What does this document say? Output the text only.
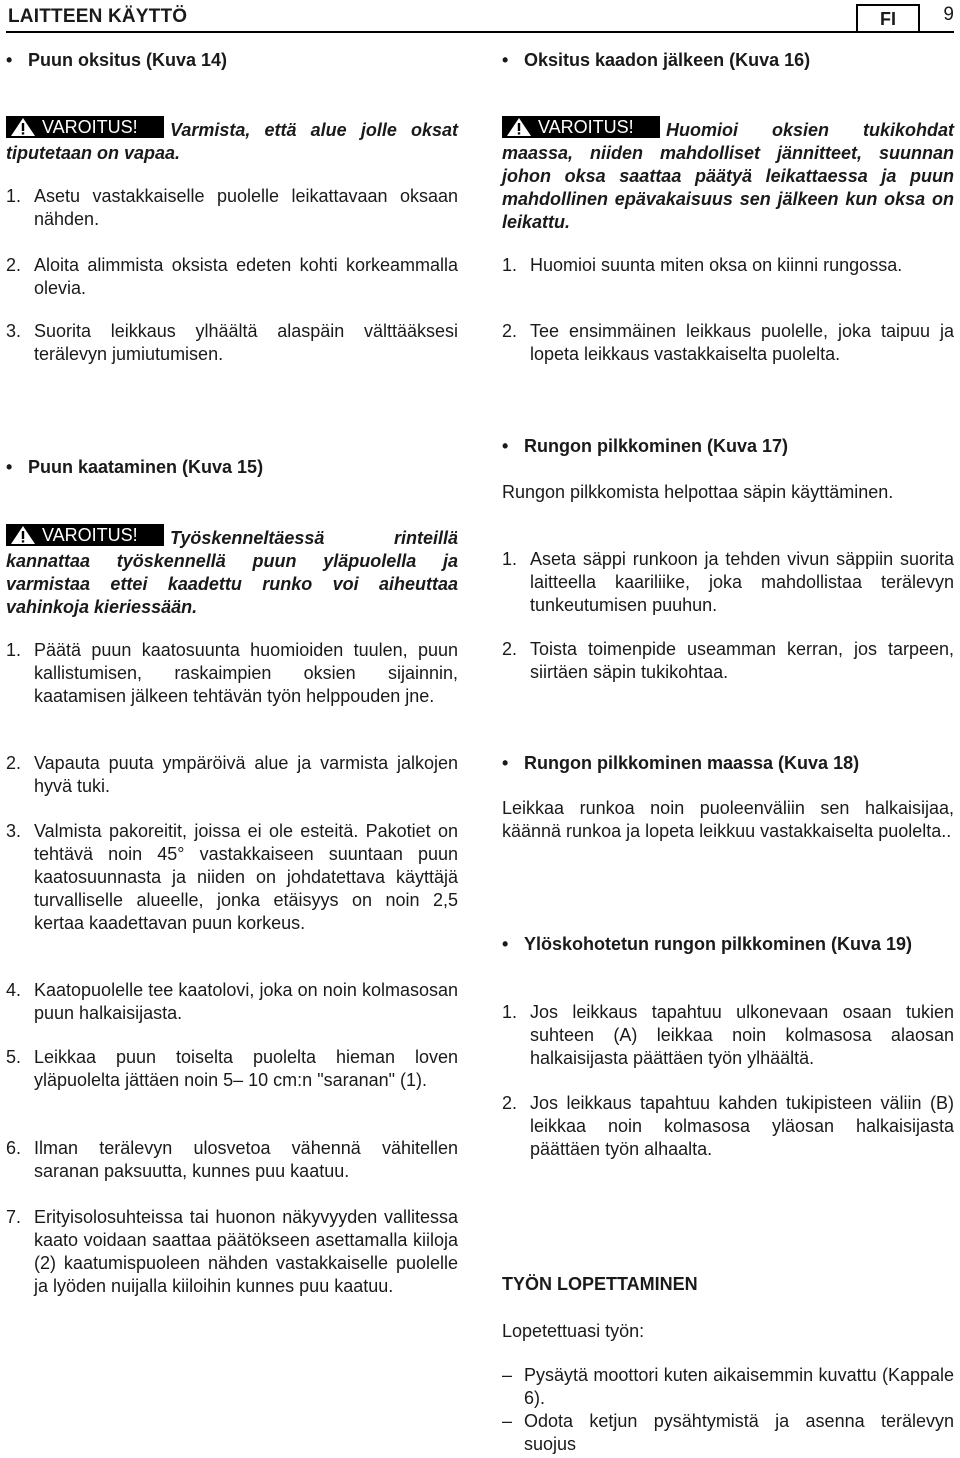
LAITTEEN KÄYTTÖ	FI	9
• Puun oksitus (Kuva 14)

VAROITUS! Varmista, että alue jolle oksat tiputetaan on vapaa.

1. Asetu vastakkaiselle puolelle leikattavaan oksaan nähden.
2. Aloita alimmista oksista edeten kohti korkeammalla olevia.
3. Suorita leikkaus ylhäältä alaspäin välttääksesi terälevyn jumiutumisen.
• Puun kaataminen (Kuva 15)

VAROITUS! Työskenneltäessä rinteillä kannattaa työskennellä puun yläpuolella ja varmistaa ettei kaadettu runko voi aiheuttaa vahinkoja kieriessään.

1. Päätä puun kaatosuunta huomioiden tuulen, puun kallistumisen, raskaimpien oksien sijainnin, kaatamisen jälkeen tehtävän työn helppouden jne.
2. Vapauta puuta ympäröivä alue ja varmista jalkojen hyvä tuki.
3. Valmista pakoreitit, joissa ei ole esteitä. Pakotiet on tehtävä noin 45° vastakkaiseen suuntaan puun kaatosuunnasta ja niiden on johdatettava käyttäjä turvalliselle alueelle, jonka etäisyys on noin 2,5 kertaa kaadettavan puun korkeus.
4. Kaatopuolelle tee kaatolovi, joka on noin kolmasosan puun halkaisijasta.
5. Leikkaa puun toiselta puolelta hieman loven yläpuolelta jättäen noin 5– 10 cm:n "saranan" (1).
6. Ilman terälevyn ulosvetoa vähennä vähitellen saranan paksuutta, kunnes puu kaatuu.
7. Erityisolosuhteissa tai huonon näkyvyyden vallitessa kaato voidaan saattaa päätökseen asettamalla kiiloja (2) kaatumispuoleen nähden vastakkaiselle puolelle ja lyöden nuijalla kiiloihin kunnes puu kaatuu.
• Oksitus kaadon jälkeen (Kuva 16)

VAROITUS! Huomioi oksien tukikohdat maassa, niiden mahdolliset jännitteet, suunnan johon oksa saattaa päätyä leikattaessa ja puun mahdollinen epävakaisuus sen jälkeen kun oksa on leikattu.

1. Huomioi suunta miten oksa on kiinni rungossa.
2. Tee ensimmäinen leikkaus puolelle, joka taipuu ja lopeta leikkaus vastakkaiselta puolelta.
• Rungon pilkkominen (Kuva 17)

Rungon pilkkomista helpottaa säpin käyttäminen.

1. Aseta säppi runkoon ja tehden vivun säppiin suorita laitteella kaariliike, joka mahdollistaa terälevyn tunkeutumisen puuhun.
2. Toista toimenpide useamman kerran, jos tarpeen, siirtäen säpin tukikohtaa.
• Rungon pilkkominen maassa (Kuva 18)

Leikkaa runkoa noin puoleenväliin sen halkaisijaa, käännä runkoa ja lopeta leikkuu vastakkaiselta puolelta..

• Ylöskohotetun rungon pilkkominen (Kuva 19)
1. Jos leikkaus tapahtuu ulkonevaan osaan tukien suhteen (A) leikkaa noin kolmasosa alaosan halkaisijasta päättäen työn ylhäältä.
2. Jos leikkaus tapahtuu kahden tukipisteen väliin (B) leikkaa noin kolmasosa yläosan halkaisijasta päättäen työn alhaalta.

TYÖN LOPETTAMINEN

Lopetettuasi työn:

– Pysäytä moottori kuten aikaisemmin kuvattu (Kappale 6).
– Odota ketjun pysähtymistä ja asenna terälevyn suojus
